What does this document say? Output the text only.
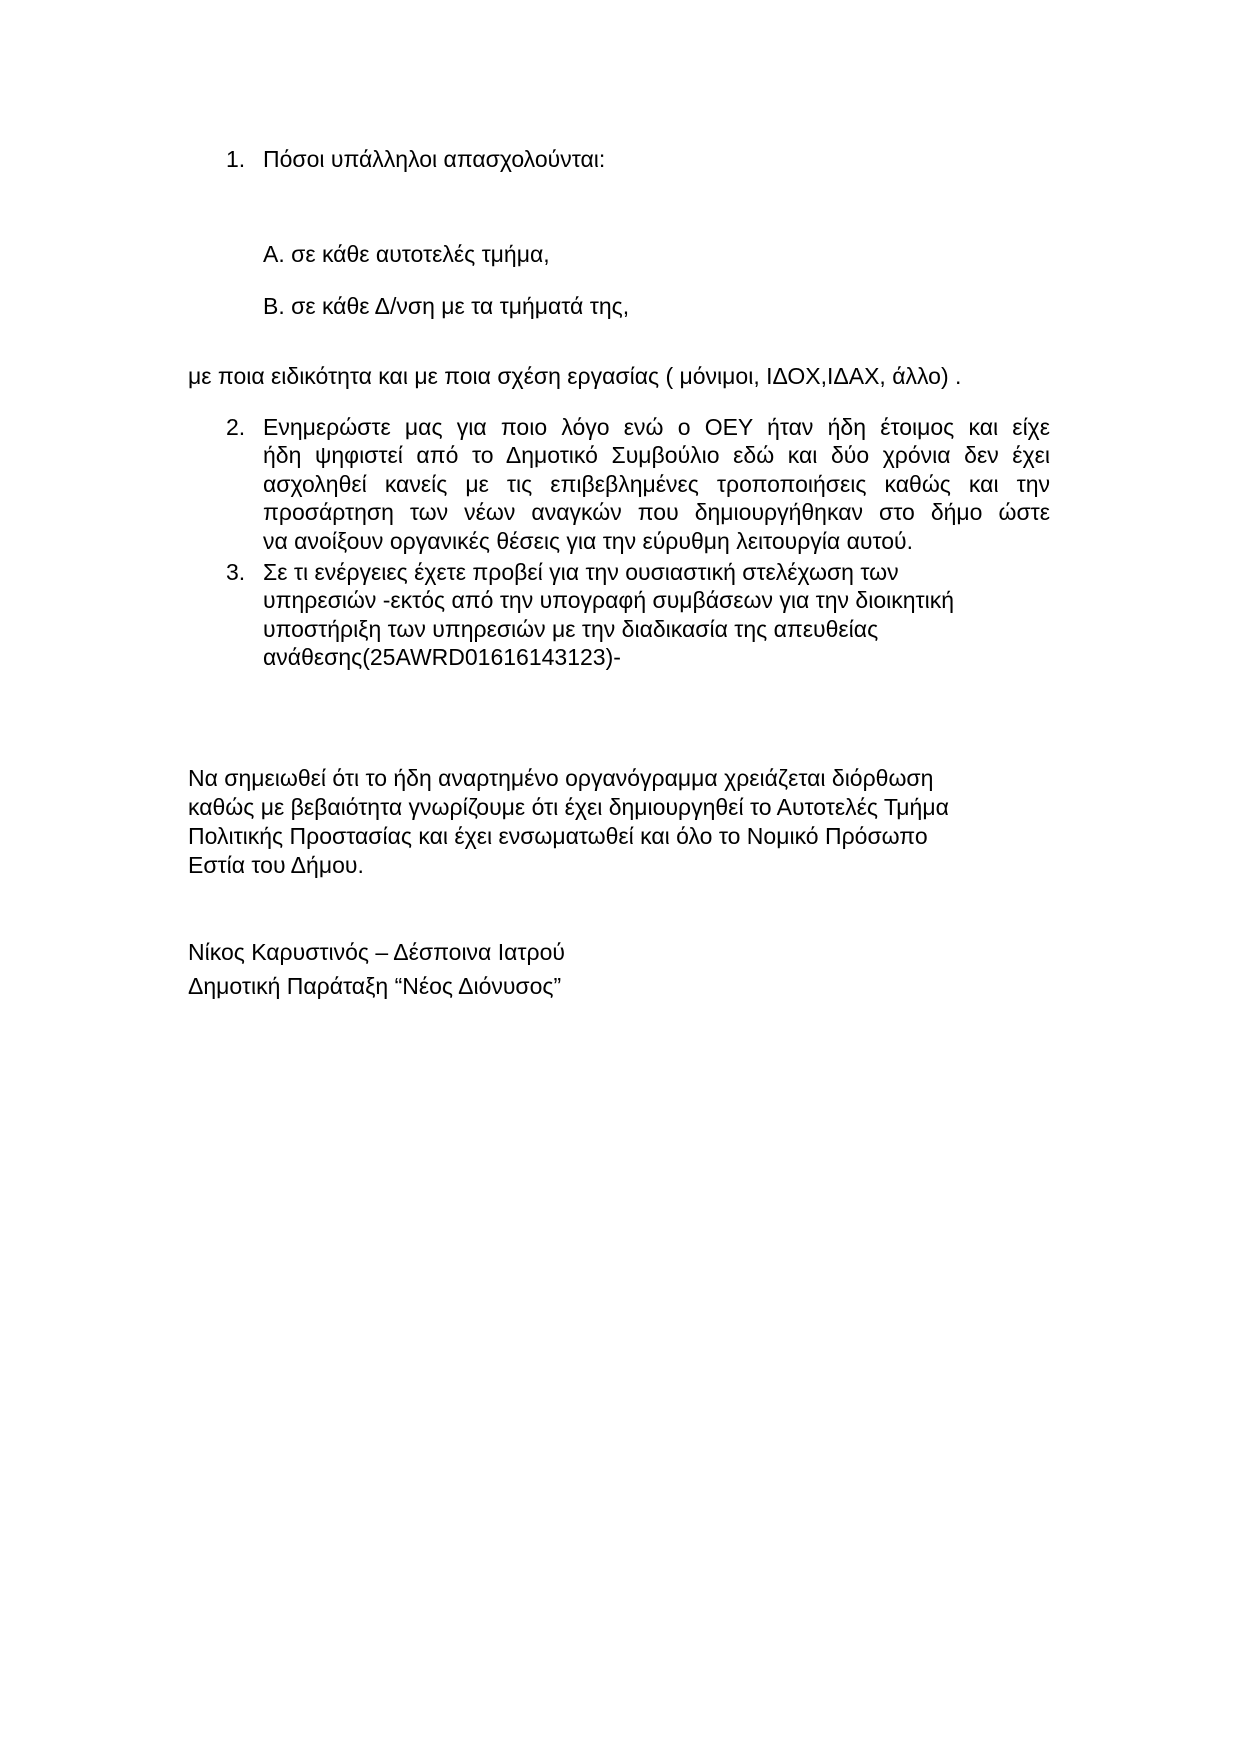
1. Πόσοι υπάλληλοι απασχολούνται:
Α. σε κάθε αυτοτελές τμήμα,
Β. σε κάθε Δ/νση με τα τμήματά της,
με ποια ειδικότητα και με ποια σχέση εργασίας ( μόνιμοι, ΙΔΟΧ,ΙΔΑΧ, άλλο) .
2. Ενημερώστε μας για ποιο λόγο ενώ ο ΟΕΥ ήταν ήδη έτοιμος και είχε
ήδη ψηφιστεί από το Δημοτικό Συμβούλιο εδώ και δύο χρόνια δεν έχει
ασχοληθεί κανείς με τις επιβεβλημένες τροποποιήσεις καθώς και την
προσάρτηση των νέων αναγκών που δημιουργήθηκαν στο δήμο ώστε
να ανοίξουν οργανικές θέσεις για την εύρυθμη λειτουργία αυτού.
3. Σε τι ενέργειες έχετε προβεί για την ουσιαστική στελέχωση των
υπηρεσιών -εκτός από την υπογραφή συμβάσεων για την διοικητική
υποστήριξη των υπηρεσιών με την διαδικασία της απευθείας
ανάθεσης(25AWRD01616143123)-
Να σημειωθεί ότι το ήδη αναρτημένο οργανόγραμμα χρειάζεται διόρθωση
καθώς με βεβαιότητα γνωρίζουμε ότι έχει δημιουργηθεί το Αυτοτελές Τμήμα
Πολιτικής Προστασίας και έχει ενσωματωθεί και όλο το Νομικό Πρόσωπο
Εστία του Δήμου.
Νίκος Καρυστινός – Δέσποινα Ιατρού
Δημοτική Παράταξη “Νέος Διόνυσος”
